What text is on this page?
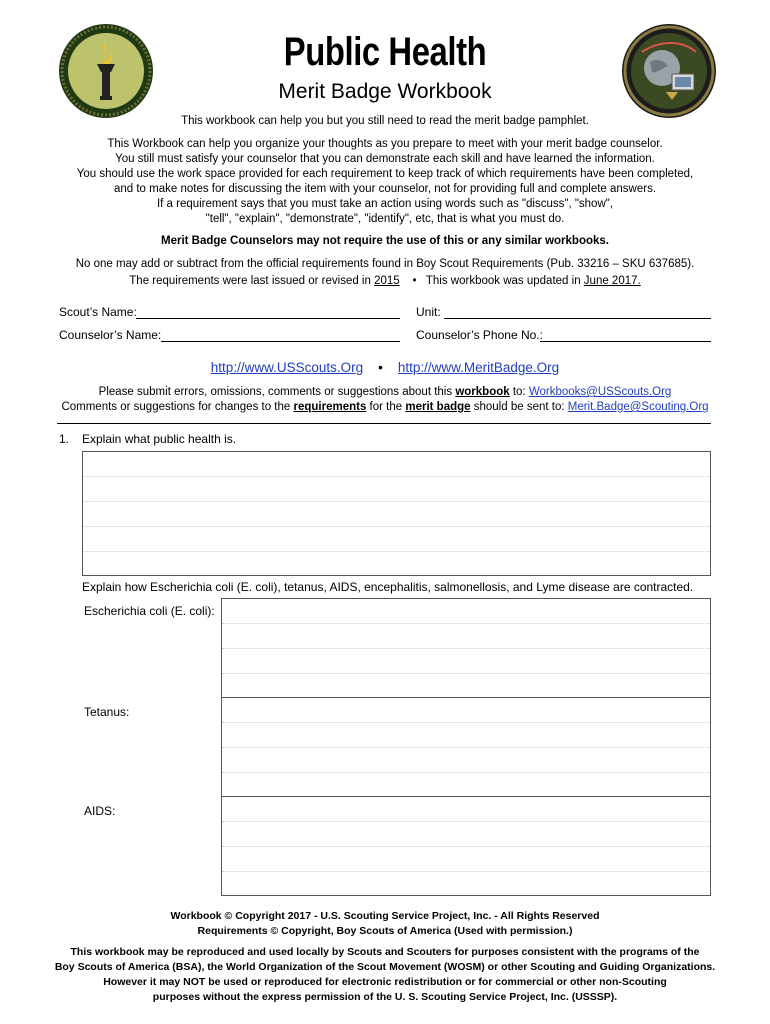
Public Health
Merit Badge Workbook
This workbook can help you but you still need to read the merit badge pamphlet.
This Workbook can help you organize your thoughts as you prepare to meet with your merit badge counselor.
You still must satisfy your counselor that you can demonstrate each skill and have learned the information.
You should use the work space provided for each requirement to keep track of which requirements have been completed,
and to make notes for discussing the item with your counselor, not for providing full and complete answers.
If a requirement says that you must take an action using words such as "discuss", "show",
"tell", "explain", "demonstrate", "identify", etc, that is what you must do.
Merit Badge Counselors may not require the use of this or any similar workbooks.
No one may add or subtract from the official requirements found in Boy Scout Requirements (Pub. 33216 – SKU 637685).
The requirements were last issued or revised in 2015 • This workbook was updated in June 2017.
Scout’s Name:	Unit:
Counselor’s Name:	Counselor’s Phone No.:
http://www.USScouts.Org • http://www.MeritBadge.Org
Please submit errors, omissions, comments or suggestions about this workbook to: Workbooks@USScouts.Org
Comments or suggestions for changes to the requirements for the merit badge should be sent to: Merit.Badge@Scouting.Org
1. Explain what public health is.
Explain how Escherichia coli (E. coli), tetanus, AIDS, encephalitis, salmonellosis, and Lyme disease are contracted.
Escherichia coli (E. coli):
Tetanus:
AIDS:
Workbook © Copyright 2017 - U.S. Scouting Service Project, Inc. - All Rights Reserved
Requirements © Copyright, Boy Scouts of America (Used with permission.)
This workbook may be reproduced and used locally by Scouts and Scouters for purposes consistent with the programs of the
Boy Scouts of America (BSA), the World Organization of the Scout Movement (WOSM) or other Scouting and Guiding Organizations.
However it may NOT be used or reproduced for electronic redistribution or for commercial or other non-Scouting
purposes without the express permission of the U. S. Scouting Service Project, Inc. (USSSP).
